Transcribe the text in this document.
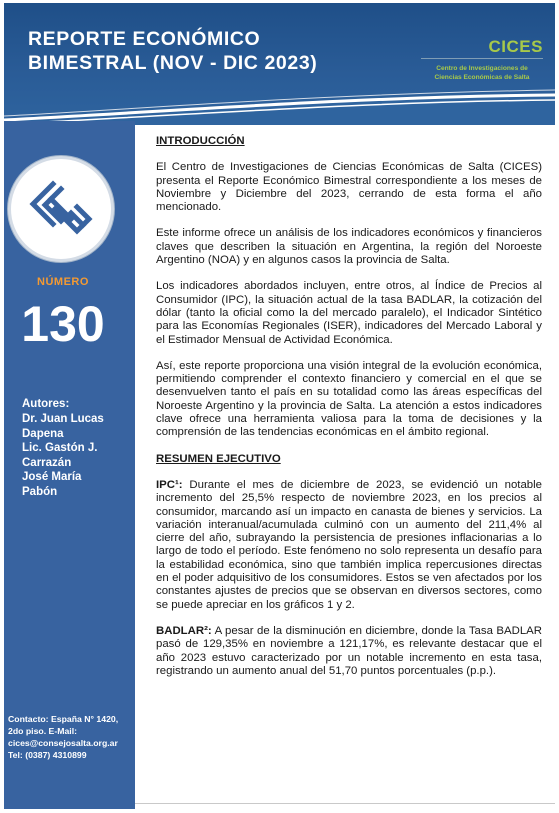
REPORTE ECONÓMICO
BIMESTRAL (NOV - DIC 2023)
CICES
Centro de Investigaciones de
Ciencias Económicas de Salta
NÚMERO
130
Autores:
Dr. Juan Lucas
Dapena
Lic. Gastón J.
Carrazán
José María
Pabón
Contacto: España N° 1420,
2do piso. E-Mail:
cices@consejosalta.org.ar
Tel: (0387) 4310899
INTRODUCCIÓN

El Centro de Investigaciones de Ciencias Económicas de Salta (CICES) presenta el Reporte Económico Bimestral correspondiente a los meses de Noviembre y Diciembre del 2023, cerrando de esta forma el año mencionado.

Este informe ofrece un análisis de los indicadores económicos y financieros claves que describen la situación en Argentina, la región del Noroeste Argentino (NOA) y en algunos casos la provincia de Salta.

Los indicadores abordados incluyen, entre otros, al Índice de Precios al Consumidor (IPC), la situación actual de la tasa BADLAR, la cotización del dólar (tanto la oficial como la del mercado paralelo), el Indicador Sintético para las Economías Regionales (ISER), indicadores del Mercado Laboral y el Estimador Mensual de Actividad Económica.

Así, este reporte proporciona una visión integral de la evolución económica, permitiendo comprender el contexto financiero y comercial en el que se desenvuelven tanto el país en su totalidad como las áreas específicas del Noroeste Argentino y la provincia de Salta. La atención a estos indicadores clave ofrece una herramienta valiosa para la toma de decisiones y la comprensión de las tendencias económicas en el ámbito regional.

RESUMEN EJECUTIVO

IPC¹: Durante el mes de diciembre de 2023, se evidenció un notable incremento del 25,5% respecto de noviembre 2023, en los precios al consumidor, marcando así un impacto en canasta de bienes y servicios. La variación interanual/acumulada culminó con un aumento del 211,4% al cierre del año, subrayando la persistencia de presiones inflacionarias a lo largo de todo el período. Este fenómeno no solo representa un desafío para la estabilidad económica, sino que también implica repercusiones directas en el poder adquisitivo de los consumidores. Estos se ven afectados por los constantes ajustes de precios que se observan en diversos sectores, como se puede apreciar en los gráficos 1 y 2.

BADLAR²: A pesar de la disminución en diciembre, donde la Tasa BADLAR pasó de 129,35% en noviembre a 121,17%, es relevante destacar que el año 2023 estuvo caracterizado por un notable incremento en esta tasa, registrando un aumento anual del 51,70 puntos porcentuales (p.p.).
